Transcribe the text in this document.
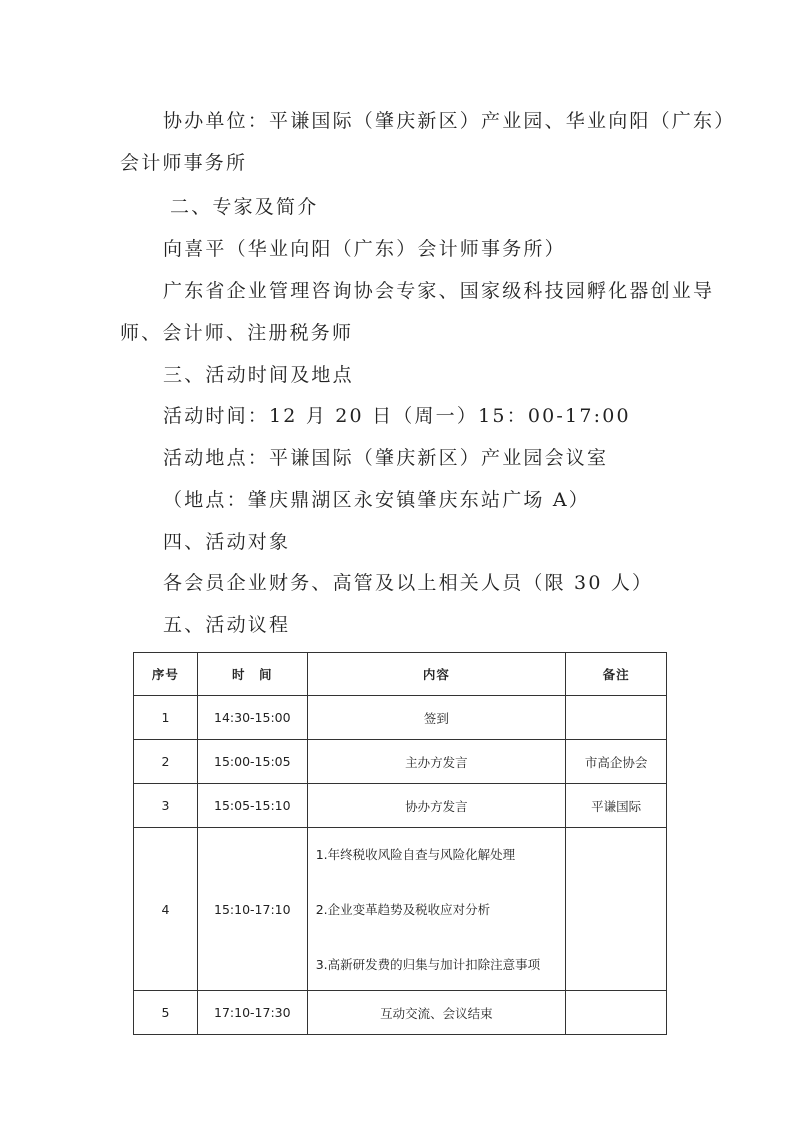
协办单位：平谦国际（肇庆新区）产业园、华业向阳（广东）
会计师事务所
二、专家及简介
向喜平（华业向阳（广东）会计师事务所）
广东省企业管理咨询协会专家、国家级科技园孵化器创业导
师、会计师、注册税务师
三、活动时间及地点
活动时间：12 月 20 日（周一）15：00-17:00
活动地点：平谦国际（肇庆新区）产业园会议室
（地点：肇庆鼎湖区永安镇肇庆东站广场 A）
四、活动对象
各会员企业财务、高管及以上相关人员（限 30 人）
五、活动议程
序号	时　间	内容	备注
1	14:30-15:00	签到	
2	15:00-15:05	主办方发言	市高企协会
3	15:05-15:10	协办方发言	平谦国际
4	15:10-17:10	1.年终税收风险自查与风险化解处理
2.企业变革趋势及税收应对分析
3.高新研发费的归集与加计扣除注意事项	

5	17:10-17:30	互动交流、会议结束	
